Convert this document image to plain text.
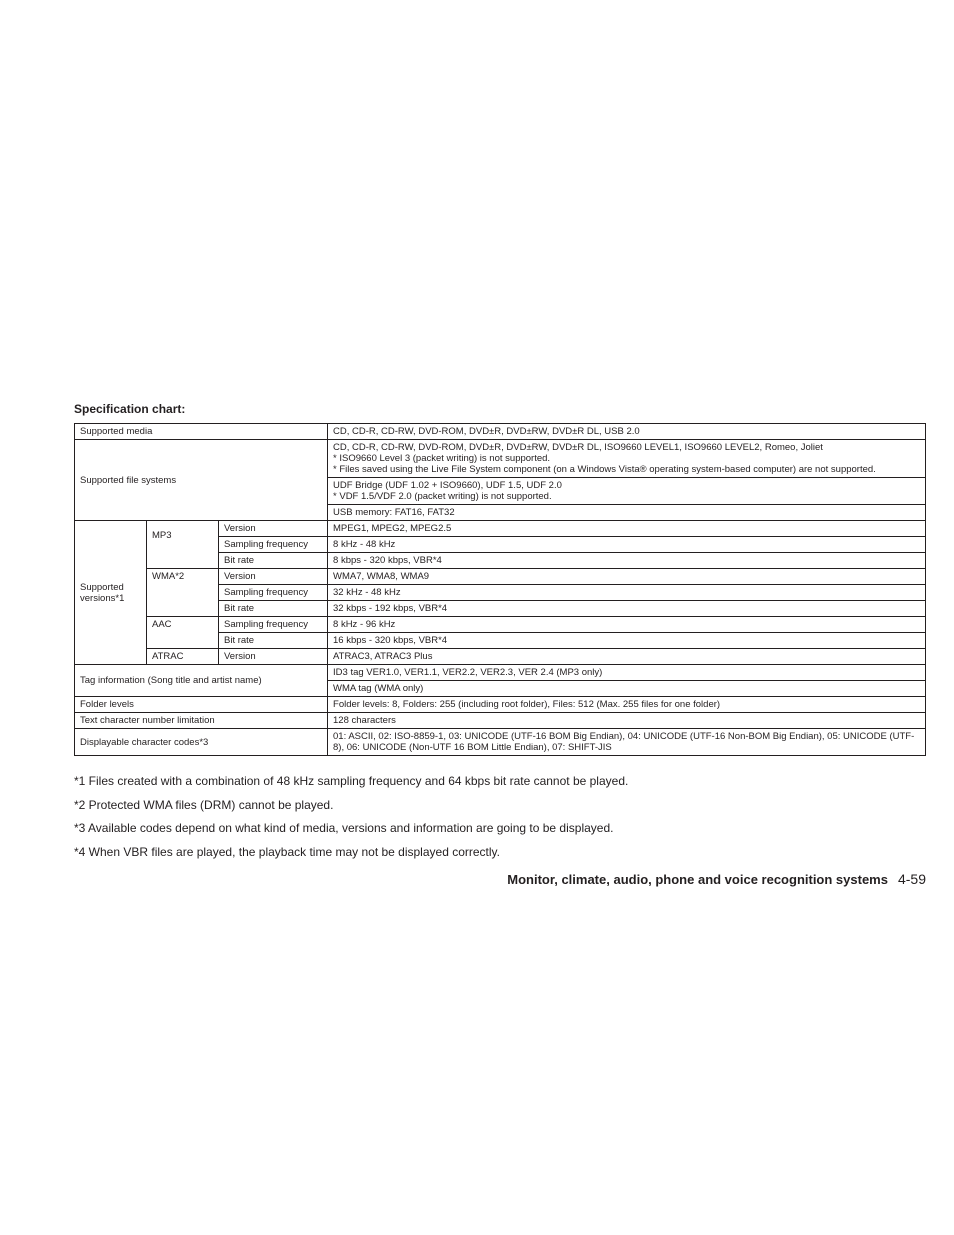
Specification chart:
Supported media			CD, CD-R, CD-RW, DVD-ROM, DVD±R, DVD±RW, DVD±R DL, USB 2.0
Supported file systems			CD, CD-R, CD-RW, DVD-ROM, DVD±R, DVD±RW, DVD±R DL, ISO9660 LEVEL1, ISO9660 LEVEL2, Romeo, Joliet
* ISO9660 Level 3 (packet writing) is not supported.
* Files saved using the Live File System component (on a Windows Vista® operating system-based computer) are not supported.

			UDF Bridge (UDF 1.02 + ISO9660), UDF 1.5, UDF 2.0
* VDF 1.5/VDF 2.0 (packet writing) is not supported.

			USB memory: FAT16, FAT32
Supported versions*1	MP3	Version	MPEG1, MPEG2, MPEG2.5
		Sampling frequency	8 kHz - 48 kHz
		Bit rate	8 kbps - 320 kbps, VBR*4
	WMA*2	Version	WMA7, WMA8, WMA9
		Sampling frequency	32 kHz - 48 kHz
		Bit rate	32 kbps - 192 kbps, VBR*4
	AAC	Sampling frequency	8 kHz - 96 kHz
		Bit rate	16 kbps - 320 kbps, VBR*4
	ATRAC	Version	ATRAC3, ATRAC3 Plus
Tag information (Song title and artist name)			ID3 tag VER1.0, VER1.1, VER2.2, VER2.3, VER 2.4 (MP3 only)
			WMA tag (WMA only)
Folder levels			Folder levels: 8, Folders: 255 (including root folder), Files: 512 (Max. 255 files for one folder)
Text character number limitation			128 characters
Displayable character codes*3			01: ASCII, 02: ISO-8859-1, 03: UNICODE (UTF-16 BOM Big Endian), 04: UNICODE (UTF-16 Non-BOM Big Endian), 05: UNICODE (UTF-8), 06: UNICODE (Non-UTF 16 BOM Little Endian), 07: SHIFT-JIS

*1 Files created with a combination of 48 kHz sampling frequency and 64 kbps bit rate cannot be played.

*2 Protected WMA files (DRM) cannot be played.

*3 Available codes depend on what kind of media, versions and information are going to be displayed.

*4 When VBR files are played, the playback time may not be displayed correctly.

Monitor, climate, audio, phone and voice recognition systems 4-59
